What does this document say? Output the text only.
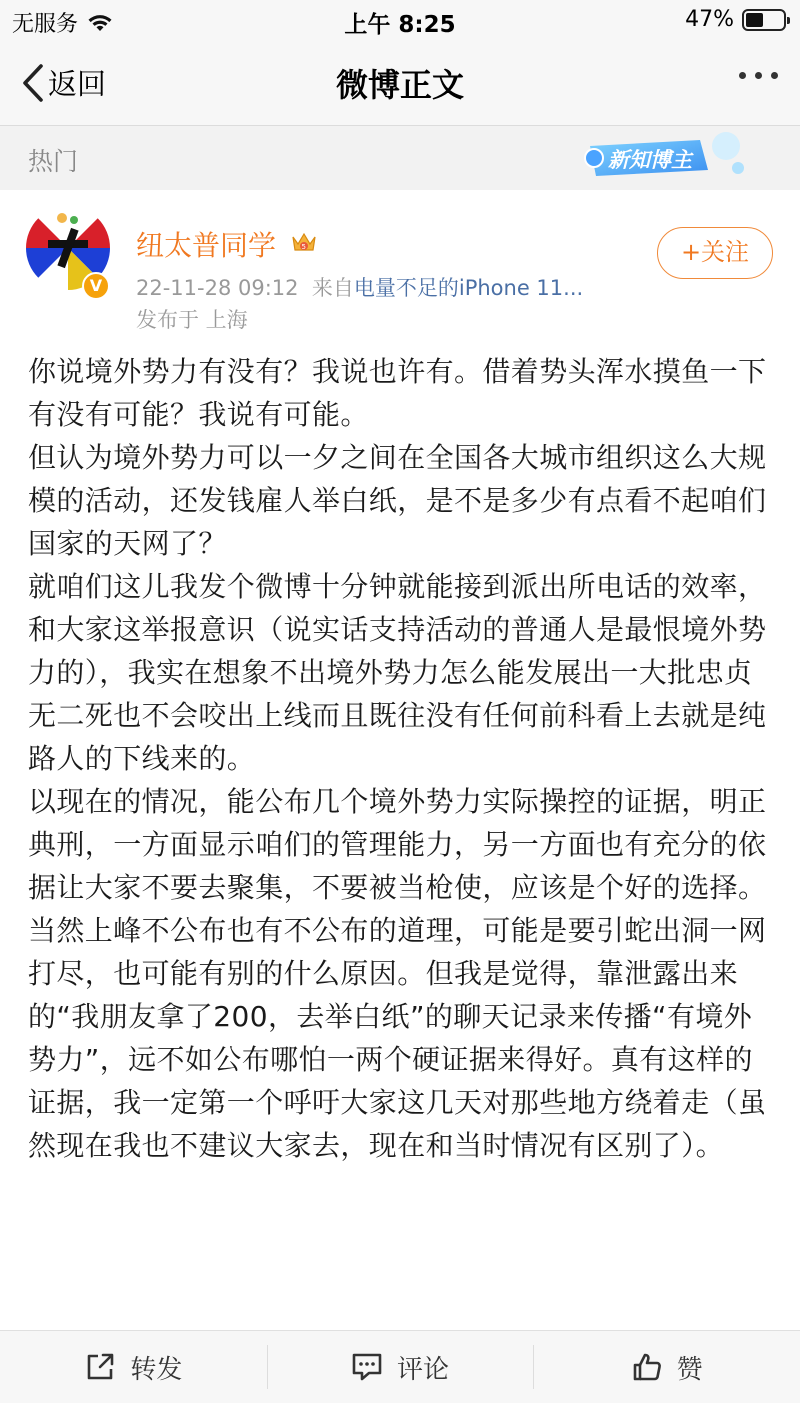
无服务	上午 8:25	47%
返回	微博正文
热门	新知博主
V
纽太普同学	5
22-11-28 09:12 来自电量不足的iPhone 11...
发布于 上海
+关注

你说境外势力有没有？我说也许有。借着势头浑水摸鱼一下有没有可能？我说有可能。

但认为境外势力可以一夕之间在全国各大城市组织这么大规模的活动，还发钱雇人举白纸，是不是多少有点看不起咱们国家的天网了？

就咱们这儿我发个微博十分钟就能接到派出所电话的效率，和大家这举报意识（说实话支持活动的普通人是最恨境外势力的），我实在想象不出境外势力怎么能发展出一大批忠贞无二死也不会咬出上线而且既往没有任何前科看上去就是纯路人的下线来的。

以现在的情况，能公布几个境外势力实际操控的证据，明正典刑，一方面显示咱们的管理能力，另一方面也有充分的依据让大家不要去聚集，不要被当枪使，应该是个好的选择。

当然上峰不公布也有不公布的道理，可能是要引蛇出洞一网打尽，也可能有别的什么原因。但我是觉得，靠泄露出来的“我朋友拿了200，去举白纸”的聊天记录来传播“有境外势力”，远不如公布哪怕一两个硬证据来得好。真有这样的证据，我一定第一个呼吁大家这几天对那些地方绕着走（虽然现在我也不建议大家去，现在和当时情况有区别了）。

转发	评论	赞
